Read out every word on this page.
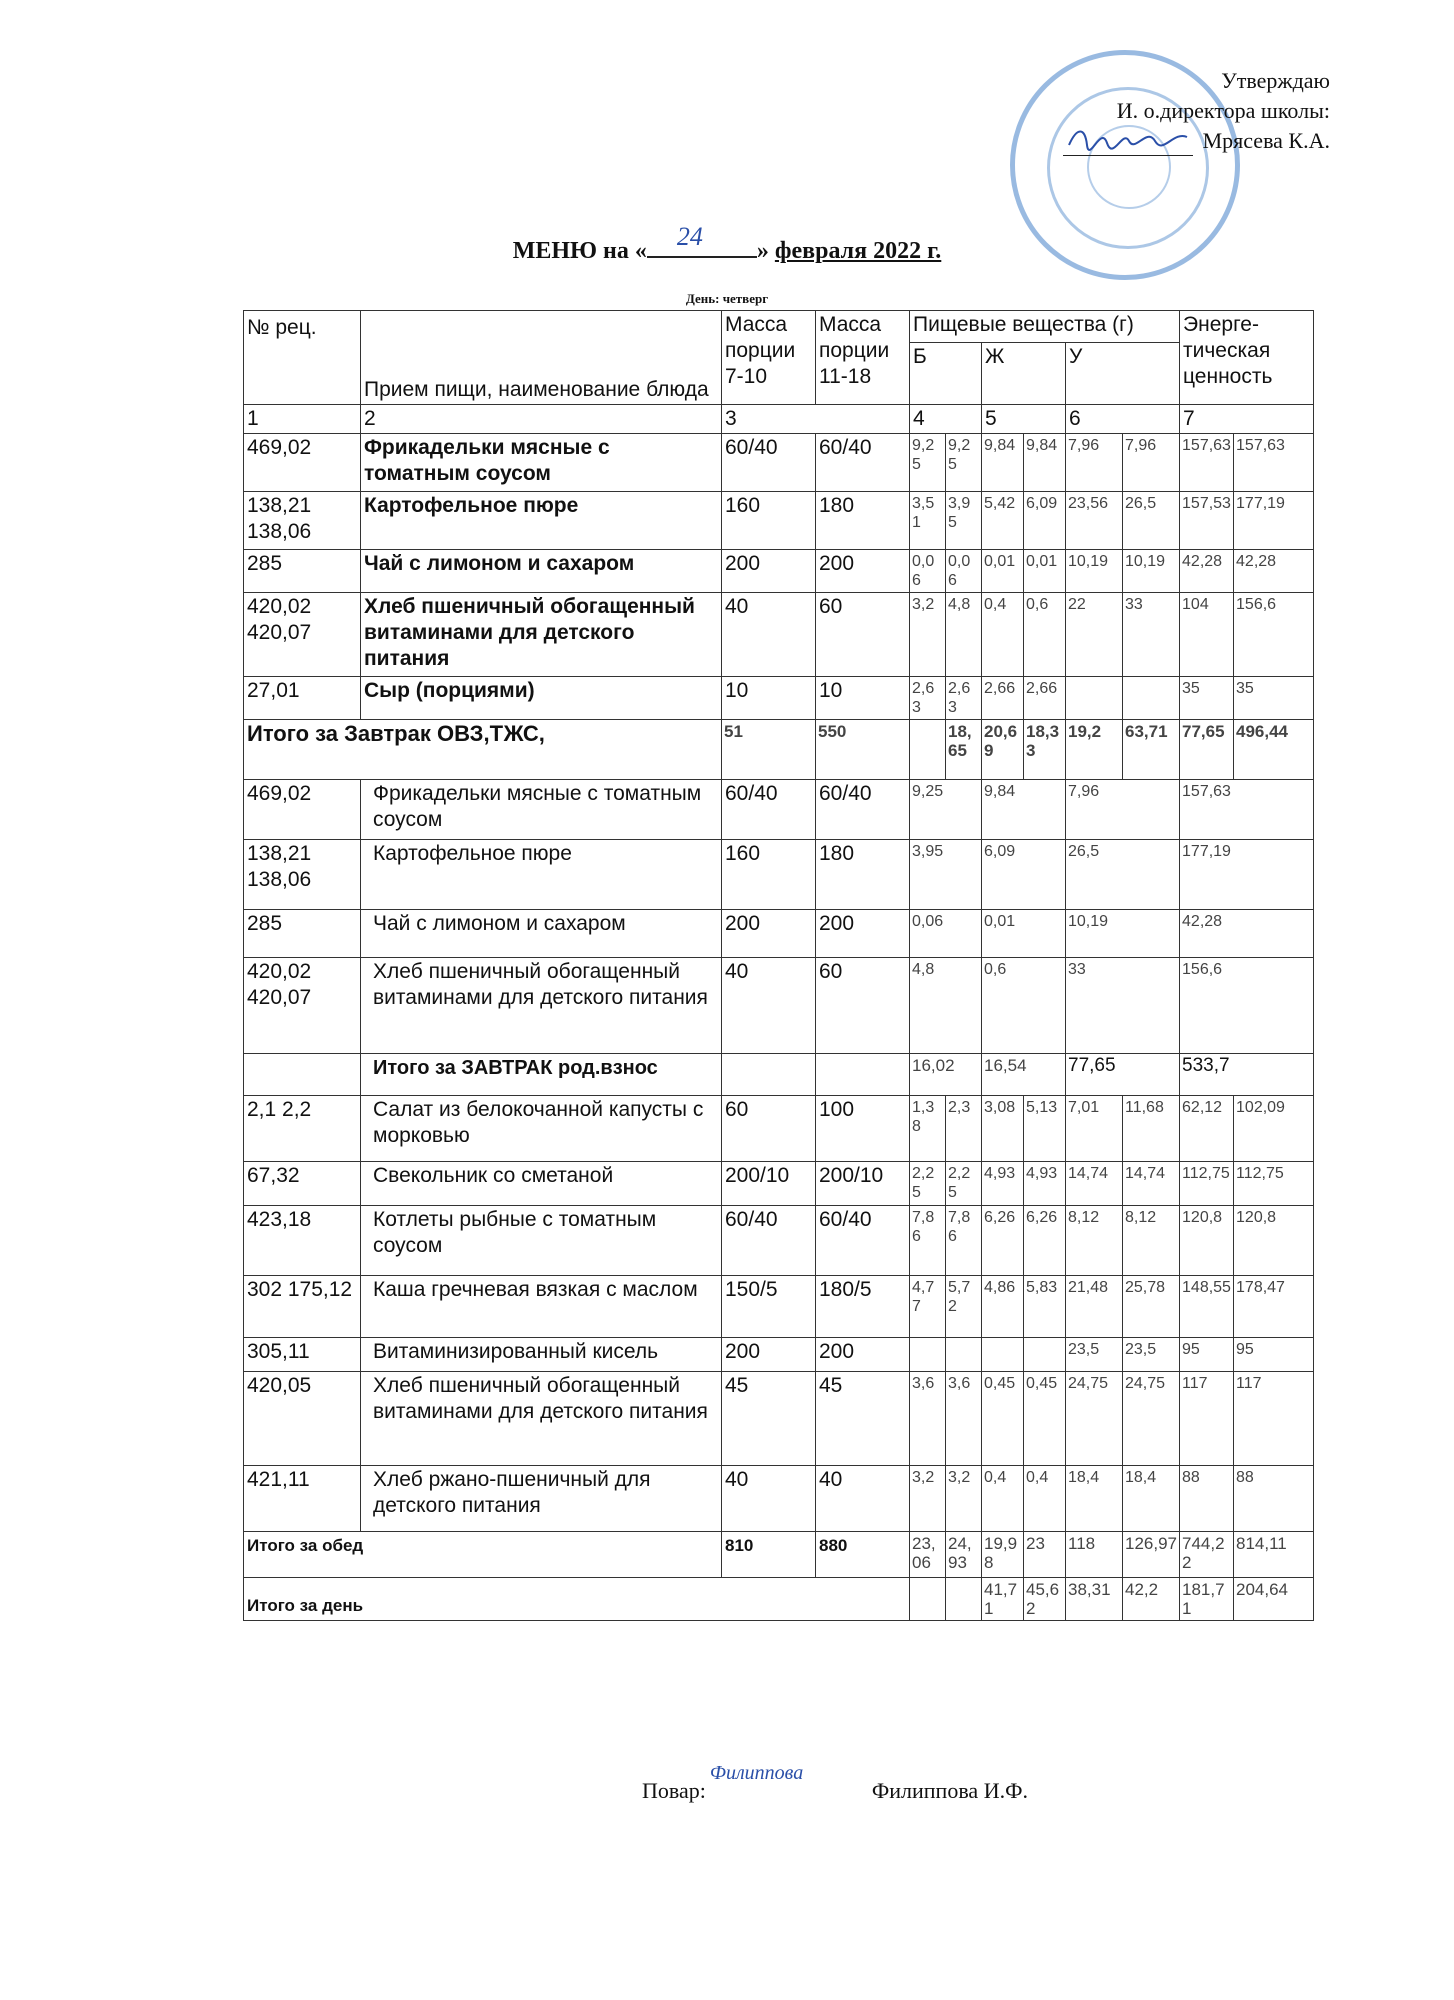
Утверждаю
И. о.директора школы:
Мрясева К.А.
МЕНЮ на « 24 » февраля 2022 г.
День: четверг
№ рец.	Прием пищи, наименование блюда	Масса порции 7-10	Масса порции 11-18	Пищевые вещества (г)						Энерге-тическая ценность	
				Б		Ж		У			
1	2	3		4		5		6		7	
469,02	Фрикадельки мясные с томатным соусом	60/40	60/40	9,25	9,25	9,84	9,84	7,96	7,96	157,63	157,63
138,21 138,06	Картофельное пюре	160	180	3,51	3,95	5,42	6,09	23,56	26,5	157,53	177,19
285	Чай с лимоном и сахаром	200	200	0,06	0,06	0,01	0,01	10,19	10,19	42,28	42,28
420,02 420,07	Хлеб пшеничный обогащенный витаминами для детского питания	40	60	3,2	4,8	0,4	0,6	22	33	104	156,6
27,01	Сыр (порциями)	10	10	2,63	2,63	2,66	2,66			35	35
Итого за Завтрак ОВЗ,ТЖС,		51	550		18,65	20,69	18,33	19,2	63,71	77,65	496,44
469,02	Фрикадельки мясные с томатным соусом	60/40	60/40	9,25		9,84		7,96		157,63	
138,21 138,06	Картофельное пюре	160	180	3,95		6,09		26,5		177,19	
285	Чай с лимоном и сахаром	200	200	0,06		0,01		10,19		42,28	
420,02 420,07	Хлеб пшеничный обогащенный витаминами для детского питания	40	60	4,8		0,6		33		156,6	
	Итого за ЗАВТРАК род.взнос			16,02		16,54		77,65		533,7	
2,1 2,2	Салат из белокочанной капусты с морковью	60	100	1,38	2,3	3,08	5,13	7,01	11,68	62,12	102,09
67,32	Свекольник со сметаной	200/10	200/10	2,25	2,25	4,93	4,93	14,74	14,74	112,75	112,75
423,18	Котлеты рыбные с томатным соусом	60/40	60/40	7,86	7,86	6,26	6,26	8,12	8,12	120,8	120,8
302 175,12	Каша гречневая вязкая с маслом	150/5	180/5	4,77	5,72	4,86	5,83	21,48	25,78	148,55	178,47
305,11	Витаминизированный кисель	200	200					23,5	23,5	95	95
420,05	Хлеб пшеничный обогащенный витаминами для детского питания	45	45	3,6	3,6	0,45	0,45	24,75	24,75	117	117
421,11	Хлеб ржано-пшеничный для детского питания	40	40	3,2	3,2	0,4	0,4	18,4	18,4	88	88
Итого за обед		810	880	23,06	24,93	19,98	23	118	126,97	744,22	814,11
Итого за день						41,71	45,62	38,31	42,2	181,71	204,64
Повар:
Филиппова
Филиппова И.Ф.
